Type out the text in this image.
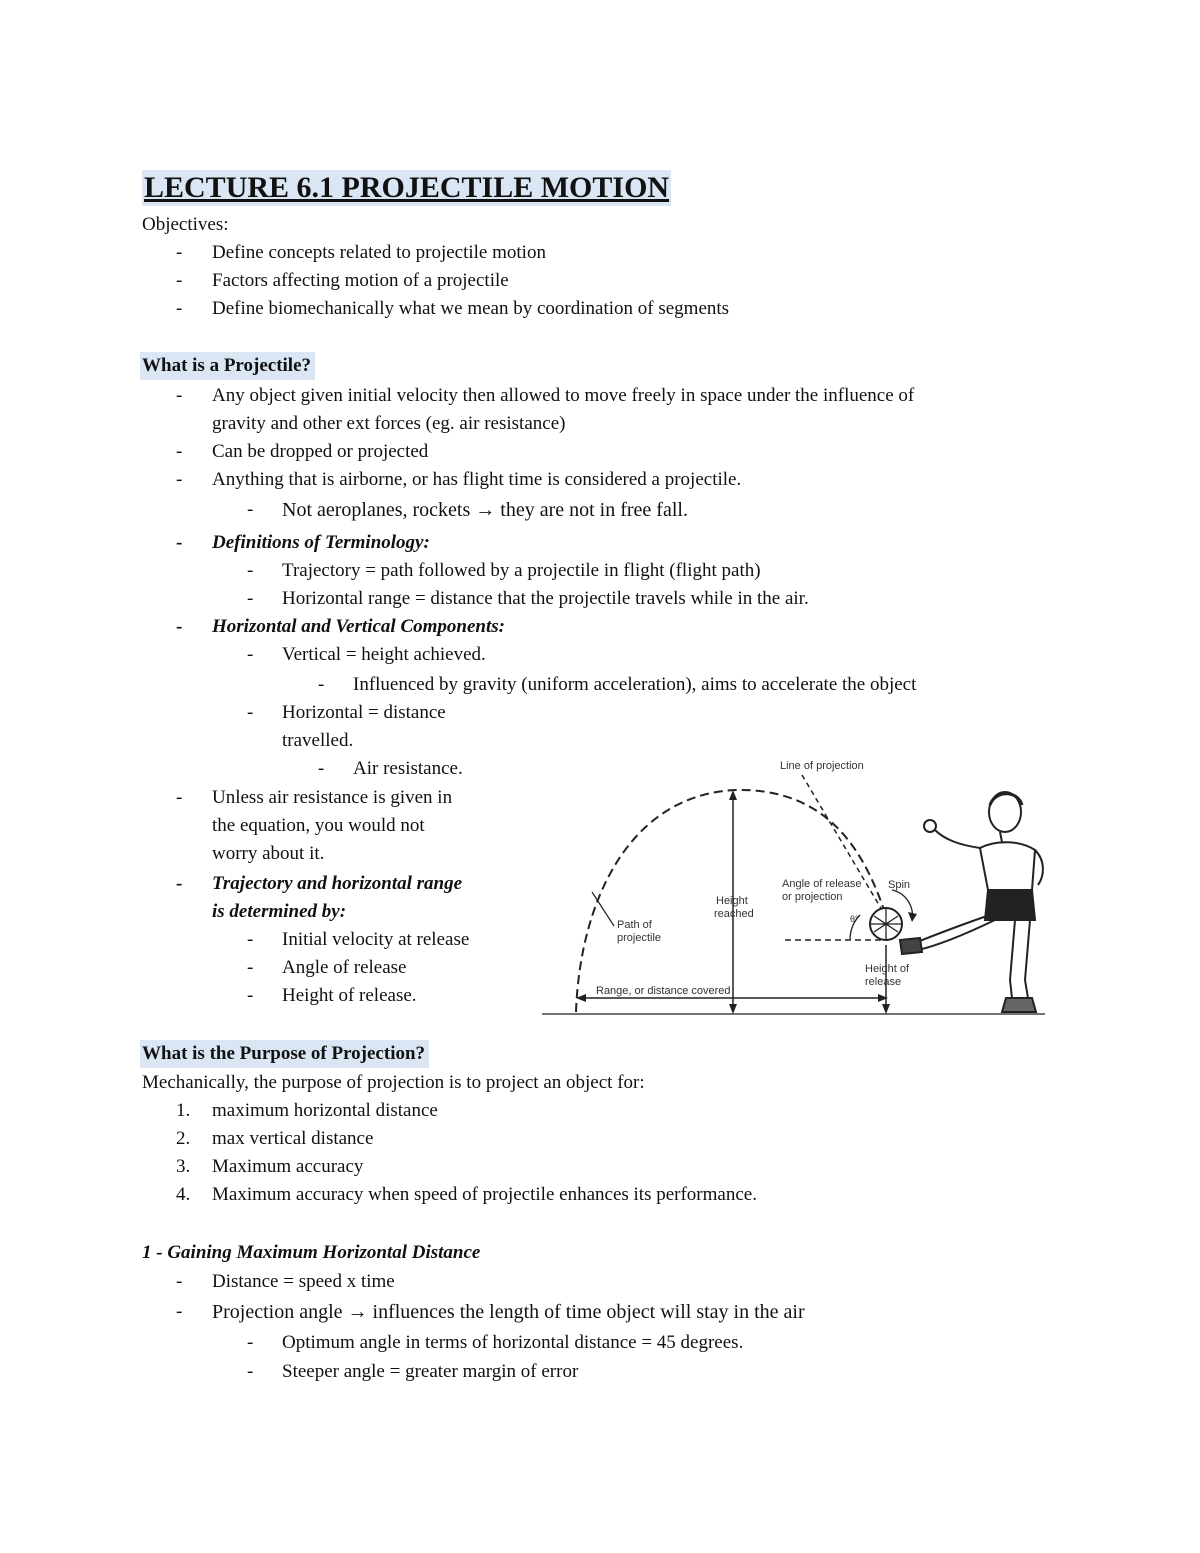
LECTURE 6.1 PROJECTILE MOTION
Objectives:
- Define concepts related to projectile motion
- Factors affecting motion of a projectile
- Define biomechanically what we mean by coordination of segments
What is a Projectile?
- Any object given initial velocity then allowed to move freely in space under the influence of
gravity and other ext forces (eg. air resistance)
- Can be dropped or projected
- Anything that is airborne, or has flight time is considered a projectile.
- Not aeroplanes, rockets → they are not in free fall.
- Definitions of Terminology:
- Trajectory = path followed by a projectile in flight (flight path)
- Horizontal range = distance that the projectile travels while in the air.
- Horizontal and Vertical Components:
- Vertical = height achieved.
- Influenced by gravity (uniform acceleration), aims to accelerate the object
- Horizontal = distance
travelled.
- Air resistance.
- Unless air resistance is given in
the equation, you would not
worry about it.
- Trajectory and horizontal range
is determined by:
- Initial velocity at release
- Angle of release
- Height of release.
Line of projection
Height
reached
Angle of release
or projection
Spin
θ°
Path of
projectile
Height of
release
Range, or distance covered
What is the Purpose of Projection?
Mechanically, the purpose of projection is to project an object for:
1. maximum horizontal distance
2. max vertical distance
3. Maximum accuracy
4. Maximum accuracy when speed of projectile enhances its performance.
1 - Gaining Maximum Horizontal Distance
- Distance = speed x time
- Projection angle → influences the length of time object will stay in the air
- Optimum angle in terms of horizontal distance = 45 degrees.
- Steeper angle = greater margin of error
